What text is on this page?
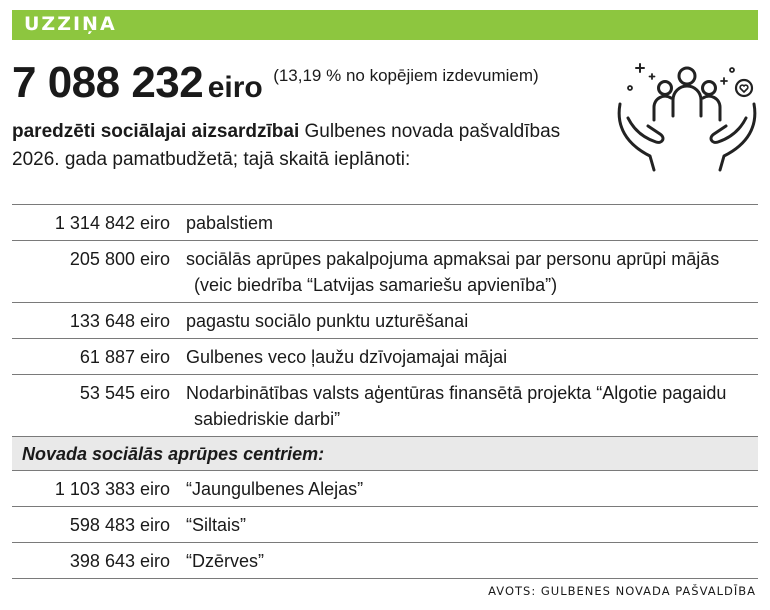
UZZIŅA
7 088 232 eiro (13,19 % no kopējiem izdevumiem)
paredzēti sociālajai aizsardzībai Gulbenes novada pašvaldības 2026. gada pamatbudžetā; tajā skaitā ieplānoti:
1 314 842 eiro pabalstiem
205 800 eiro sociālās aprūpes pakalpojuma apmaksai par personu aprūpi mājās (veic biedrība “Latvijas samariešu apvienība”)
133 648 eiro pagastu sociālo punktu uzturēšanai
61 887 eiro Gulbenes veco ļaužu dzīvojamajai mājai
53 545 eiro Nodarbinātības valsts aģentūras finansētā projekta “Algotie pagaidu sabiedriskie darbi”
Novada sociālās aprūpes centriem:
1 103 383 eiro “Jaungulbenes Alejas”
598 483 eiro “Siltais”
398 643 eiro “Dzērves”
AVOTS: GULBENES NOVADA PAŠVALDĪBA
